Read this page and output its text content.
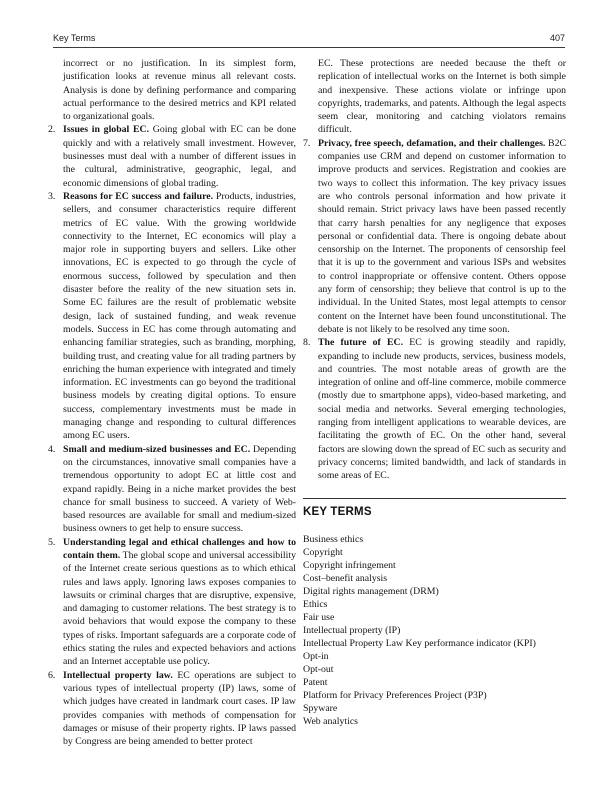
Key Terms	407

incorrect or no justification. In its simplest form, justification looks at revenue minus all relevant costs. Analysis is done by defining performance and comparing actual performance to the desired metrics and KPI related to organizational goals.

2. Issues in global EC. Going global with EC can be done quickly and with a relatively small investment. However, businesses must deal with a number of different issues in the cultural, administrative, geographic, legal, and economic dimensions of global trading.
3. Reasons for EC success and failure. Products, industries, sellers, and consumer characteristics require different metrics of EC value. With the growing worldwide connectivity to the Internet, EC economics will play a major role in supporting buyers and sellers. Like other innovations, EC is expected to go through the cycle of enormous success, followed by speculation and then disaster before the reality of the new situation sets in. Some EC failures are the result of problematic website design, lack of sustained funding, and weak revenue models. Success in EC has come through automating and enhancing familiar strategies, such as branding, morphing, building trust, and creating value for all trading partners by enriching the human experience with integrated and timely information. EC investments can go beyond the traditional business models by creating digital options. To ensure success, complementary investments must be made in managing change and responding to cultural differences among EC users.
4. Small and medium-sized businesses and EC. Depending on the circumstances, innovative small companies have a tremendous opportunity to adopt EC at little cost and expand rapidly. Being in a niche market provides the best chance for small business to succeed. A variety of Web-based resources are available for small and medium-sized business owners to get help to ensure success.
5. Understanding legal and ethical challenges and how to contain them. The global scope and universal accessibility of the Internet create serious questions as to which ethical rules and laws apply. Ignoring laws exposes companies to lawsuits or criminal charges that are disruptive, expensive, and damaging to customer relations. The best strategy is to avoid behaviors that would expose the company to these types of risks. Important safeguards are a corporate code of ethics stating the rules and expected behaviors and actions and an Internet acceptable use policy.
6. Intellectual property law. EC operations are subject to various types of intellectual property (IP) laws, some of which judges have created in landmark court cases. IP law provides companies with methods of compensation for damages or misuse of their property rights. IP laws passed by Congress are being amended to better protect

EC. These protections are needed because the theft or replication of intellectual works on the Internet is both simple and inexpensive. These actions violate or infringe upon copyrights, trademarks, and patents. Although the legal aspects seem clear, monitoring and catching violators remains difficult.

7. Privacy, free speech, defamation, and their challenges. B2C companies use CRM and depend on customer information to improve products and services. Registration and cookies are two ways to collect this information. The key privacy issues are who controls personal information and how private it should remain. Strict privacy laws have been passed recently that carry harsh penalties for any negligence that exposes personal or confidential data. There is ongoing debate about censorship on the Internet. The proponents of censorship feel that it is up to the government and various ISPs and websites to control inappropriate or offensive content. Others oppose any form of censorship; they believe that control is up to the individual. In the United States, most legal attempts to censor content on the Internet have been found unconstitutional. The debate is not likely to be resolved any time soon.
8. The future of EC. EC is growing steadily and rapidly, expanding to include new products, services, business models, and countries. The most notable areas of growth are the integration of online and off-line commerce, mobile commerce (mostly due to smartphone apps), video-based marketing, and social media and networks. Several emerging technologies, ranging from intelligent applications to wearable devices, are facilitating the growth of EC. On the other hand, several factors are slowing down the spread of EC such as security and privacy concerns; limited bandwidth, and lack of standards in some areas of EC.
KEY TERMS
Business ethics
Copyright
Copyright infringement
Cost–benefit analysis
Digital rights management (DRM)
Ethics
Fair use
Intellectual property (IP)
Intellectual Property Law Key performance indicator (KPI)
Opt-in
Opt-out
Patent
Platform for Privacy Preferences Project (P3P)
Spyware
Web analytics
